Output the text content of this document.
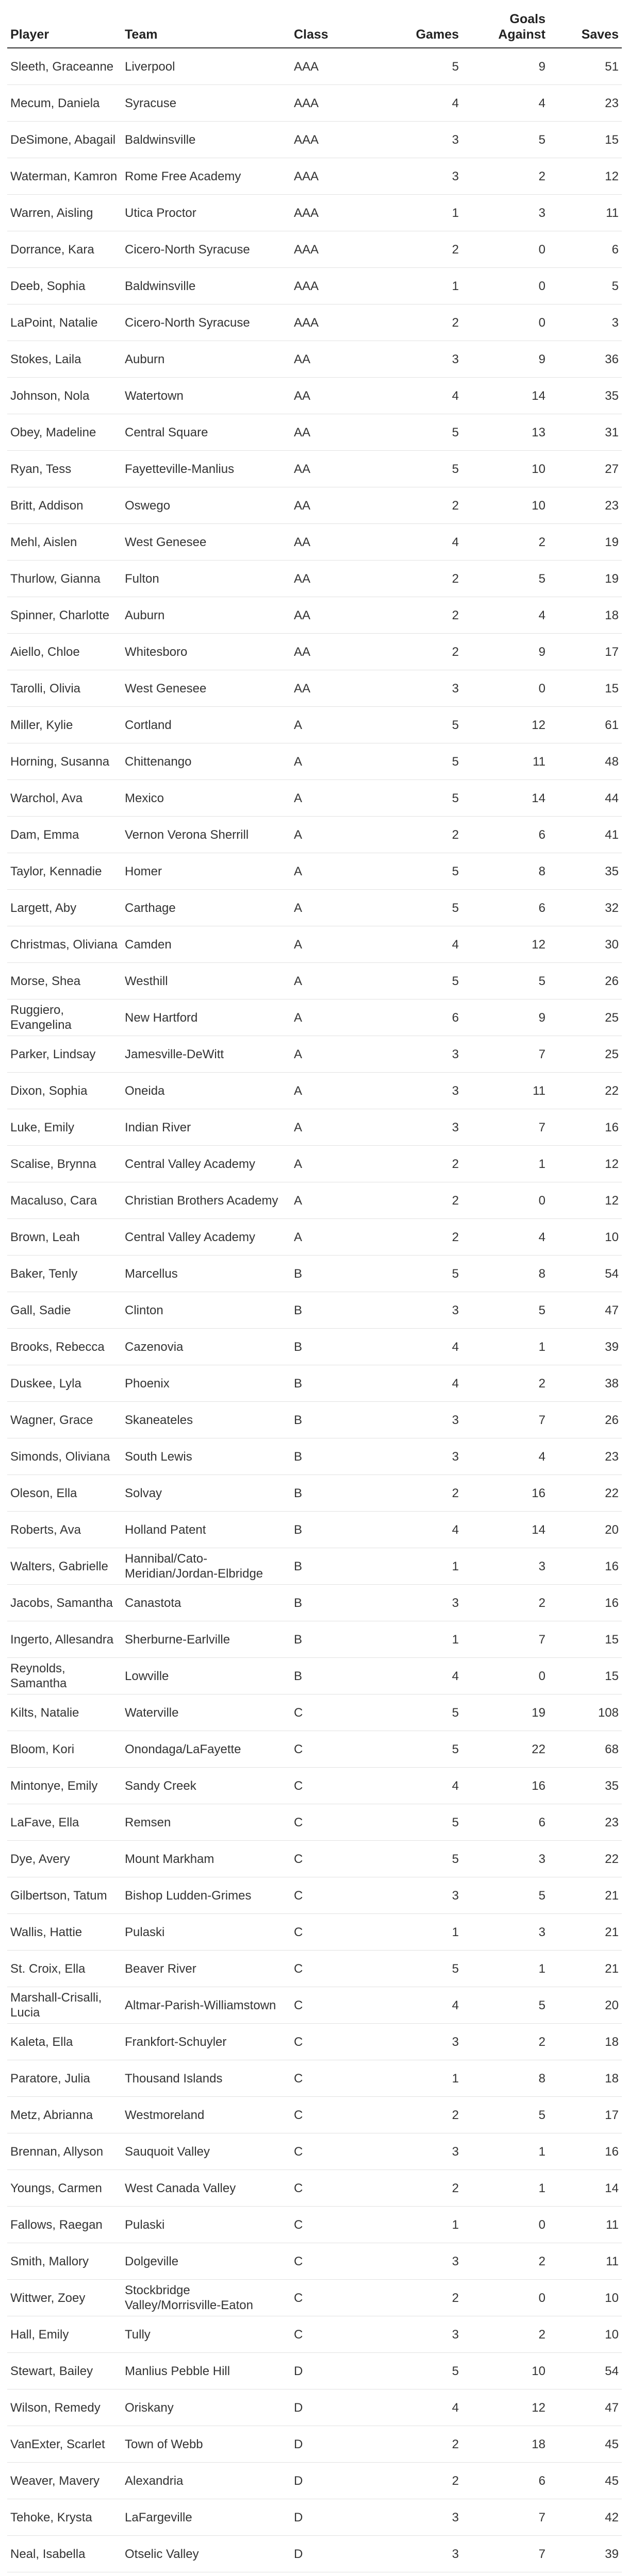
Player	Team	Class	Games	Goals Against	Saves
Sleeth, Graceanne	Liverpool	AAA	5	9	51
Mecum, Daniela	Syracuse	AAA	4	4	23
DeSimone, Abagail	Baldwinsville	AAA	3	5	15
Waterman, Kamron	Rome Free Academy	AAA	3	2	12
Warren, Aisling	Utica Proctor	AAA	1	3	11
Dorrance, Kara	Cicero-North Syracuse	AAA	2	0	6
Deeb, Sophia	Baldwinsville	AAA	1	0	5
LaPoint, Natalie	Cicero-North Syracuse	AAA	2	0	3
Stokes, Laila	Auburn	AA	3	9	36
Johnson, Nola	Watertown	AA	4	14	35
Obey, Madeline	Central Square	AA	5	13	31
Ryan, Tess	Fayetteville-Manlius	AA	5	10	27
Britt, Addison	Oswego	AA	2	10	23
Mehl, Aislen	West Genesee	AA	4	2	19
Thurlow, Gianna	Fulton	AA	2	5	19
Spinner, Charlotte	Auburn	AA	2	4	18
Aiello, Chloe	Whitesboro	AA	2	9	17
Tarolli, Olivia	West Genesee	AA	3	0	15
Miller, Kylie	Cortland	A	5	12	61
Horning, Susanna	Chittenango	A	5	11	48
Warchol, Ava	Mexico	A	5	14	44
Dam, Emma	Vernon Verona Sherrill	A	2	6	41
Taylor, Kennadie	Homer	A	5	8	35
Largett, Aby	Carthage	A	5	6	32
Christmas, Oliviana	Camden	A	4	12	30
Morse, Shea	Westhill	A	5	5	26
Ruggiero, Evangelina	New Hartford	A	6	9	25
Parker, Lindsay	Jamesville-DeWitt	A	3	7	25
Dixon, Sophia	Oneida	A	3	11	22
Luke, Emily	Indian River	A	3	7	16
Scalise, Brynna	Central Valley Academy	A	2	1	12
Macaluso, Cara	Christian Brothers Academy	A	2	0	12
Brown, Leah	Central Valley Academy	A	2	4	10
Baker, Tenly	Marcellus	B	5	8	54
Gall, Sadie	Clinton	B	3	5	47
Brooks, Rebecca	Cazenovia	B	4	1	39
Duskee, Lyla	Phoenix	B	4	2	38
Wagner, Grace	Skaneateles	B	3	7	26
Simonds, Oliviana	South Lewis	B	3	4	23
Oleson, Ella	Solvay	B	2	16	22
Roberts, Ava	Holland Patent	B	4	14	20
Walters, Gabrielle	Hannibal/Cato-Meridian/Jordan-Elbridge	B	1	3	16
Jacobs, Samantha	Canastota	B	3	2	16
Ingerto, Allesandra	Sherburne-Earlville	B	1	7	15
Reynolds, Samantha	Lowville	B	4	0	15
Kilts, Natalie	Waterville	C	5	19	108
Bloom, Kori	Onondaga/LaFayette	C	5	22	68
Mintonye, Emily	Sandy Creek	C	4	16	35
LaFave, Ella	Remsen	C	5	6	23
Dye, Avery	Mount Markham	C	5	3	22
Gilbertson, Tatum	Bishop Ludden-Grimes	C	3	5	21
Wallis, Hattie	Pulaski	C	1	3	21
St. Croix, Ella	Beaver River	C	5	1	21
Marshall-Crisalli, Lucia	Altmar-Parish-Williamstown	C	4	5	20
Kaleta, Ella	Frankfort-Schuyler	C	3	2	18
Paratore, Julia	Thousand Islands	C	1	8	18
Metz, Abrianna	Westmoreland	C	2	5	17
Brennan, Allyson	Sauquoit Valley	C	3	1	16
Youngs, Carmen	West Canada Valley	C	2	1	14
Fallows, Raegan	Pulaski	C	1	0	11
Smith, Mallory	Dolgeville	C	3	2	11
Wittwer, Zoey	Stockbridge Valley/Morrisville-Eaton	C	2	0	10
Hall, Emily	Tully	C	3	2	10
Stewart, Bailey	Manlius Pebble Hill	D	5	10	54
Wilson, Remedy	Oriskany	D	4	12	47
VanExter, Scarlet	Town of Webb	D	2	18	45
Weaver, Mavery	Alexandria	D	2	6	45
Tehoke, Krysta	LaFargeville	D	3	7	42
Neal, Isabella	Otselic Valley	D	3	7	39
